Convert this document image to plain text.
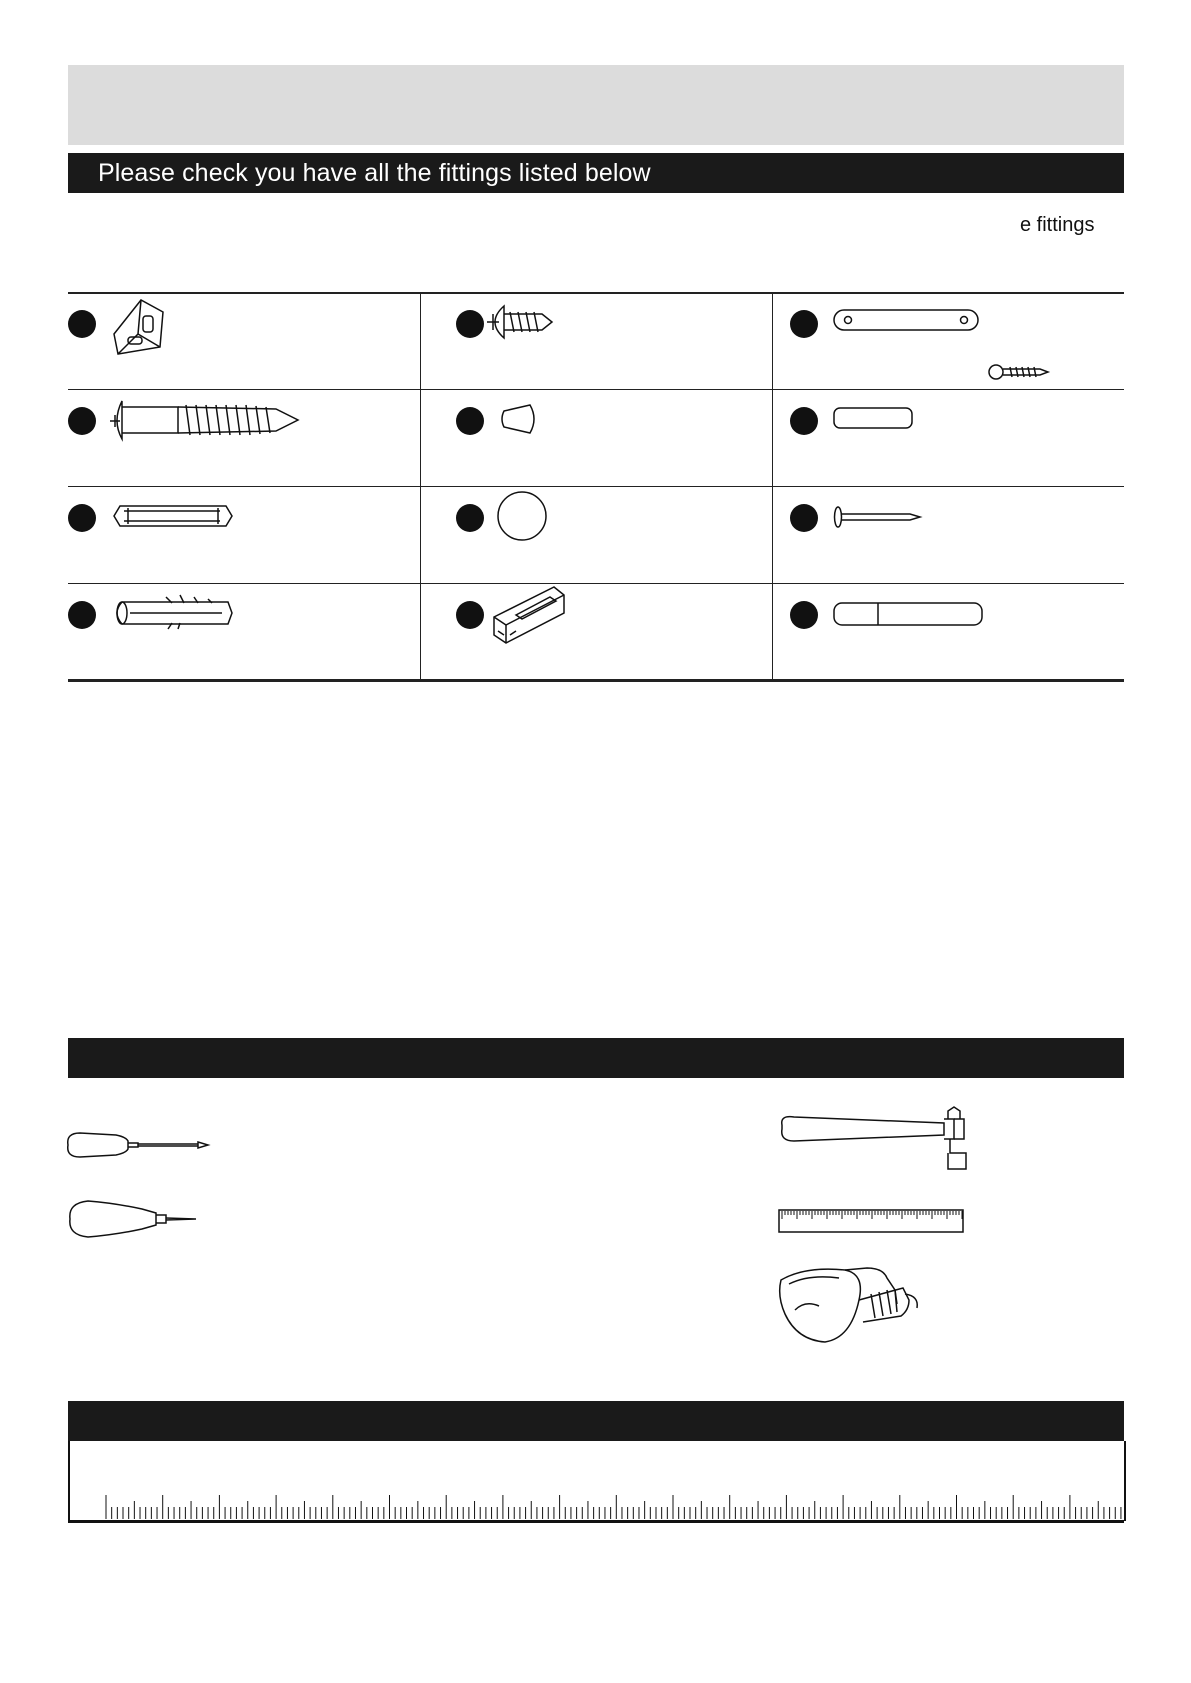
Please check you have all the fittings listed below
e fittings
